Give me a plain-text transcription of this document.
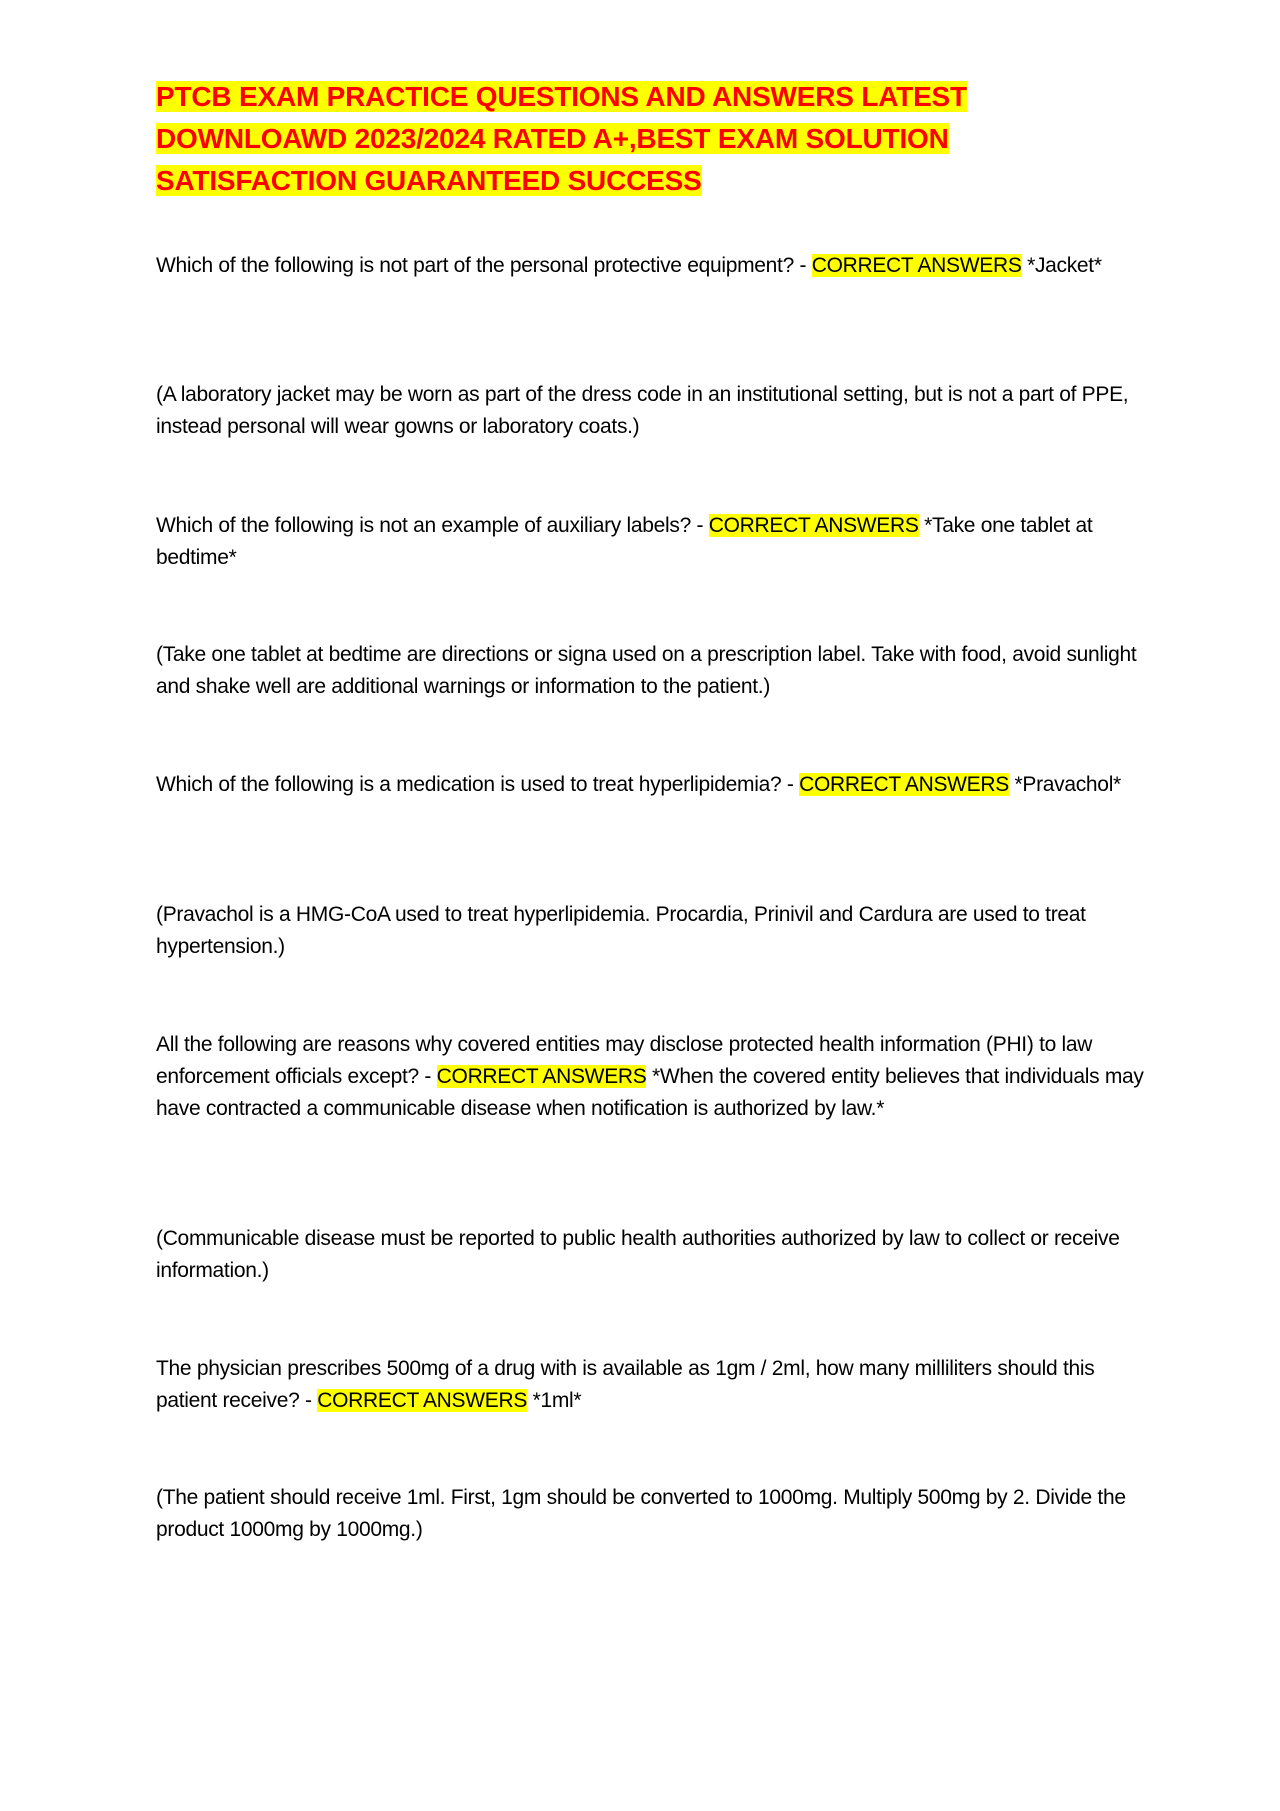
PTCB EXAM PRACTICE QUESTIONS AND ANSWERS LATEST
DOWNLOAWD 2023/2024 RATED A+,BEST EXAM SOLUTION
SATISFACTION GUARANTEED SUCCESS

Which of the following is not part of the personal protective equipment? - CORRECT ANSWERS *Jacket*

(A laboratory jacket may be worn as part of the dress code in an institutional setting, but is not a part of PPE, instead personal will wear gowns or laboratory coats.)

Which of the following is not an example of auxiliary labels? - CORRECT ANSWERS *Take one tablet at bedtime*

(Take one tablet at bedtime are directions or signa used on a prescription label. Take with food, avoid sunlight and shake well are additional warnings or information to the patient.)

Which of the following is a medication is used to treat hyperlipidemia? - CORRECT ANSWERS *Pravachol*

(Pravachol is a HMG-CoA used to treat hyperlipidemia. Procardia, Prinivil and Cardura are used to treat hypertension.)

All the following are reasons why covered entities may disclose protected health information (PHI) to law enforcement officials except? - CORRECT ANSWERS *When the covered entity believes that individuals may have contracted a communicable disease when notification is authorized by law.*

(Communicable disease must be reported to public health authorities authorized by law to collect or receive information.)

The physician prescribes 500mg of a drug with is available as 1gm / 2ml, how many milliliters should this patient receive? - CORRECT ANSWERS *1ml*

(The patient should receive 1ml. First, 1gm should be converted to 1000mg. Multiply 500mg by 2. Divide the product 1000mg by 1000mg.)
